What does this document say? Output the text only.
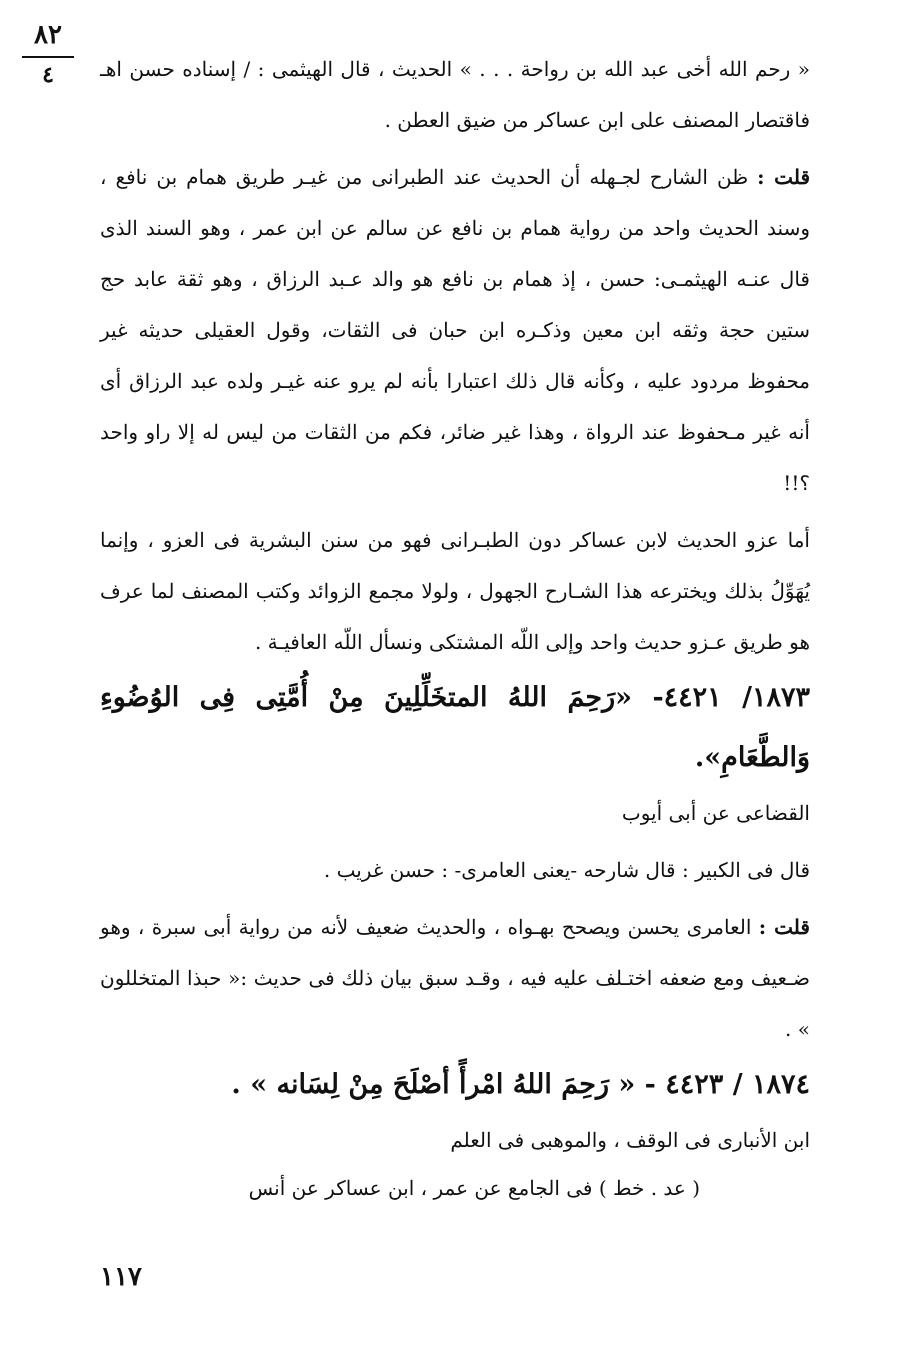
٨٢
٤	« رحم الله أخى عبد الله بن رواحة . . . » الحديث ، قال الهيثمى : / إسناده حسن اهـ فاقتصار المصنف على ابن عساكر من ضيق العطن .

قلت : ظن الشارح لجـهله أن الحديث عند الطبرانى من غيـر طريق همام بن نافع ، وسند الحديث واحد من رواية همام بن نافع عن سالم عن ابن عمر ، وهو السند الذى قال عنـه الهيثمـى: حسن ، إذ همام بن نافع هو والد عـبد الرزاق ، وهو ثقة عابد حج ستين حجة وثقه ابن معين وذكـره ابن حبان فى الثقات، وقول العقيلى حديثه غير محفوظ مردود عليه ، وكأنه قال ذلك اعتبارا بأنه لم يرو عنه غيـر ولده عبد الرزاق أى أنه غير مـحفوظ عند الرواة ، وهذا غير ضائر، فكم من الثقات من ليس له إلا راو واحد ؟!!

أما عزو الحديث لابن عساكر دون الطبـرانى فهو من سنن البشرية فى العزو ، وإنما يُهَوِّلُ بذلك ويخترعه هذا الشـارح الجهول ، ولولا مجمع الزوائد وكتب المصنف لما عرف هو طريق عـزو حديث واحد وإلى اللّه المشتكى ونسأل اللّه العافيـة .

١٨٧٣/ ٤٤٢١- «رَحِمَ اللهُ المتخَلِّلِينَ مِنْ أُمَّتِى فِى الوُضُوءِ وَالطَّعَامِ».

القضاعى عن أبى أيوب

قال فى الكبير : قال شارحه -يعنى العامرى- : حسن غريب .

قلت : العامرى يحسن ويصحح بهـواه ، والحديث ضعيف لأنه من رواية أبى سبرة ، وهو ضـعيف ومع ضعفه اختـلف عليه فيه ، وقـد سبق بيان ذلك فى حديث :« حبذا المتخللون » .

١٨٧٤ / ٤٤٢٣ - « رَحِمَ اللهُ امْرأً أصْلَحَ مِنْ لِسَانه » .

ابن الأنبارى فى الوقف ، والموهبى فى العلم

( عد . خط ) فى الجامع عن عمر ، ابن عساكر عن أنس
١١٧
